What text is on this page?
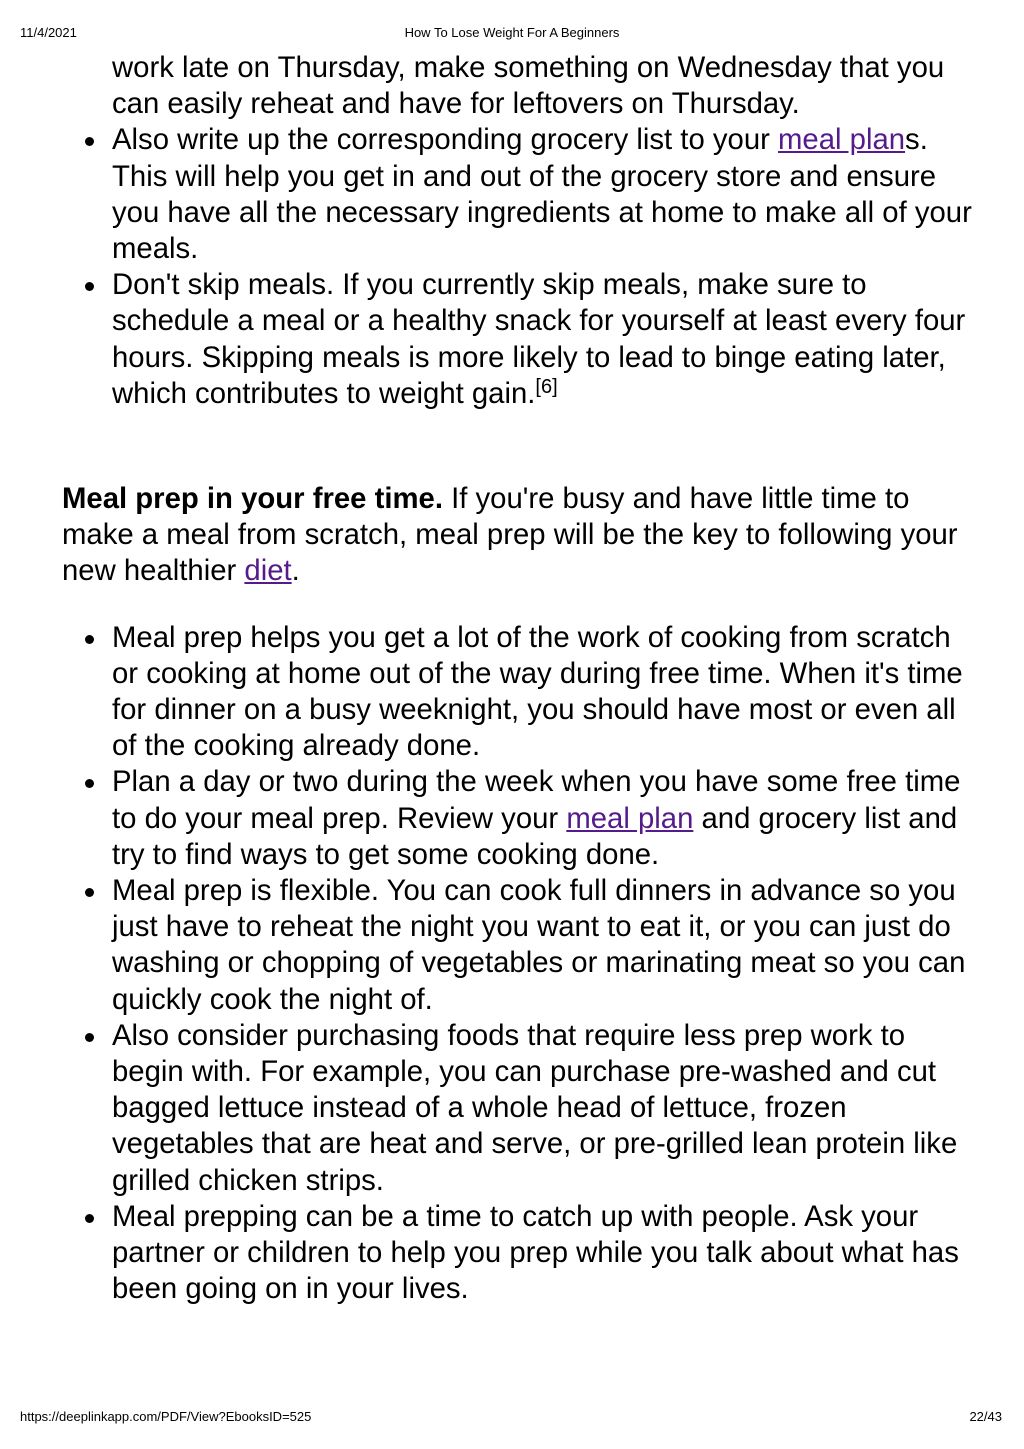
11/4/2021	How To Lose Weight For A Beginners
work late on Thursday, make something on Wednesday that you can easily reheat and have for leftovers on Thursday.
Also write up the corresponding grocery list to your meal plans. This will help you get in and out of the grocery store and ensure you have all the necessary ingredients at home to make all of your meals.
Don't skip meals. If you currently skip meals, make sure to schedule a meal or a healthy snack for yourself at least every four hours. Skipping meals is more likely to lead to binge eating later, which contributes to weight gain.[6]

Meal prep in your free time. If you're busy and have little time to make a meal from scratch, meal prep will be the key to following your new healthier diet.

Meal prep helps you get a lot of the work of cooking from scratch or cooking at home out of the way during free time. When it's time for dinner on a busy weeknight, you should have most or even all of the cooking already done.
Plan a day or two during the week when you have some free time to do your meal prep. Review your meal plan and grocery list and try to find ways to get some cooking done.
Meal prep is flexible. You can cook full dinners in advance so you just have to reheat the night you want to eat it, or you can just do washing or chopping of vegetables or marinating meat so you can quickly cook the night of.
Also consider purchasing foods that require less prep work to begin with. For example, you can purchase pre-washed and cut bagged lettuce instead of a whole head of lettuce, frozen vegetables that are heat and serve, or pre-grilled lean protein like grilled chicken strips.
Meal prepping can be a time to catch up with people. Ask your partner or children to help you prep while you talk about what has been going on in your lives.
https://deeplinkapp.com/PDF/View?EbooksID=525	22/43
